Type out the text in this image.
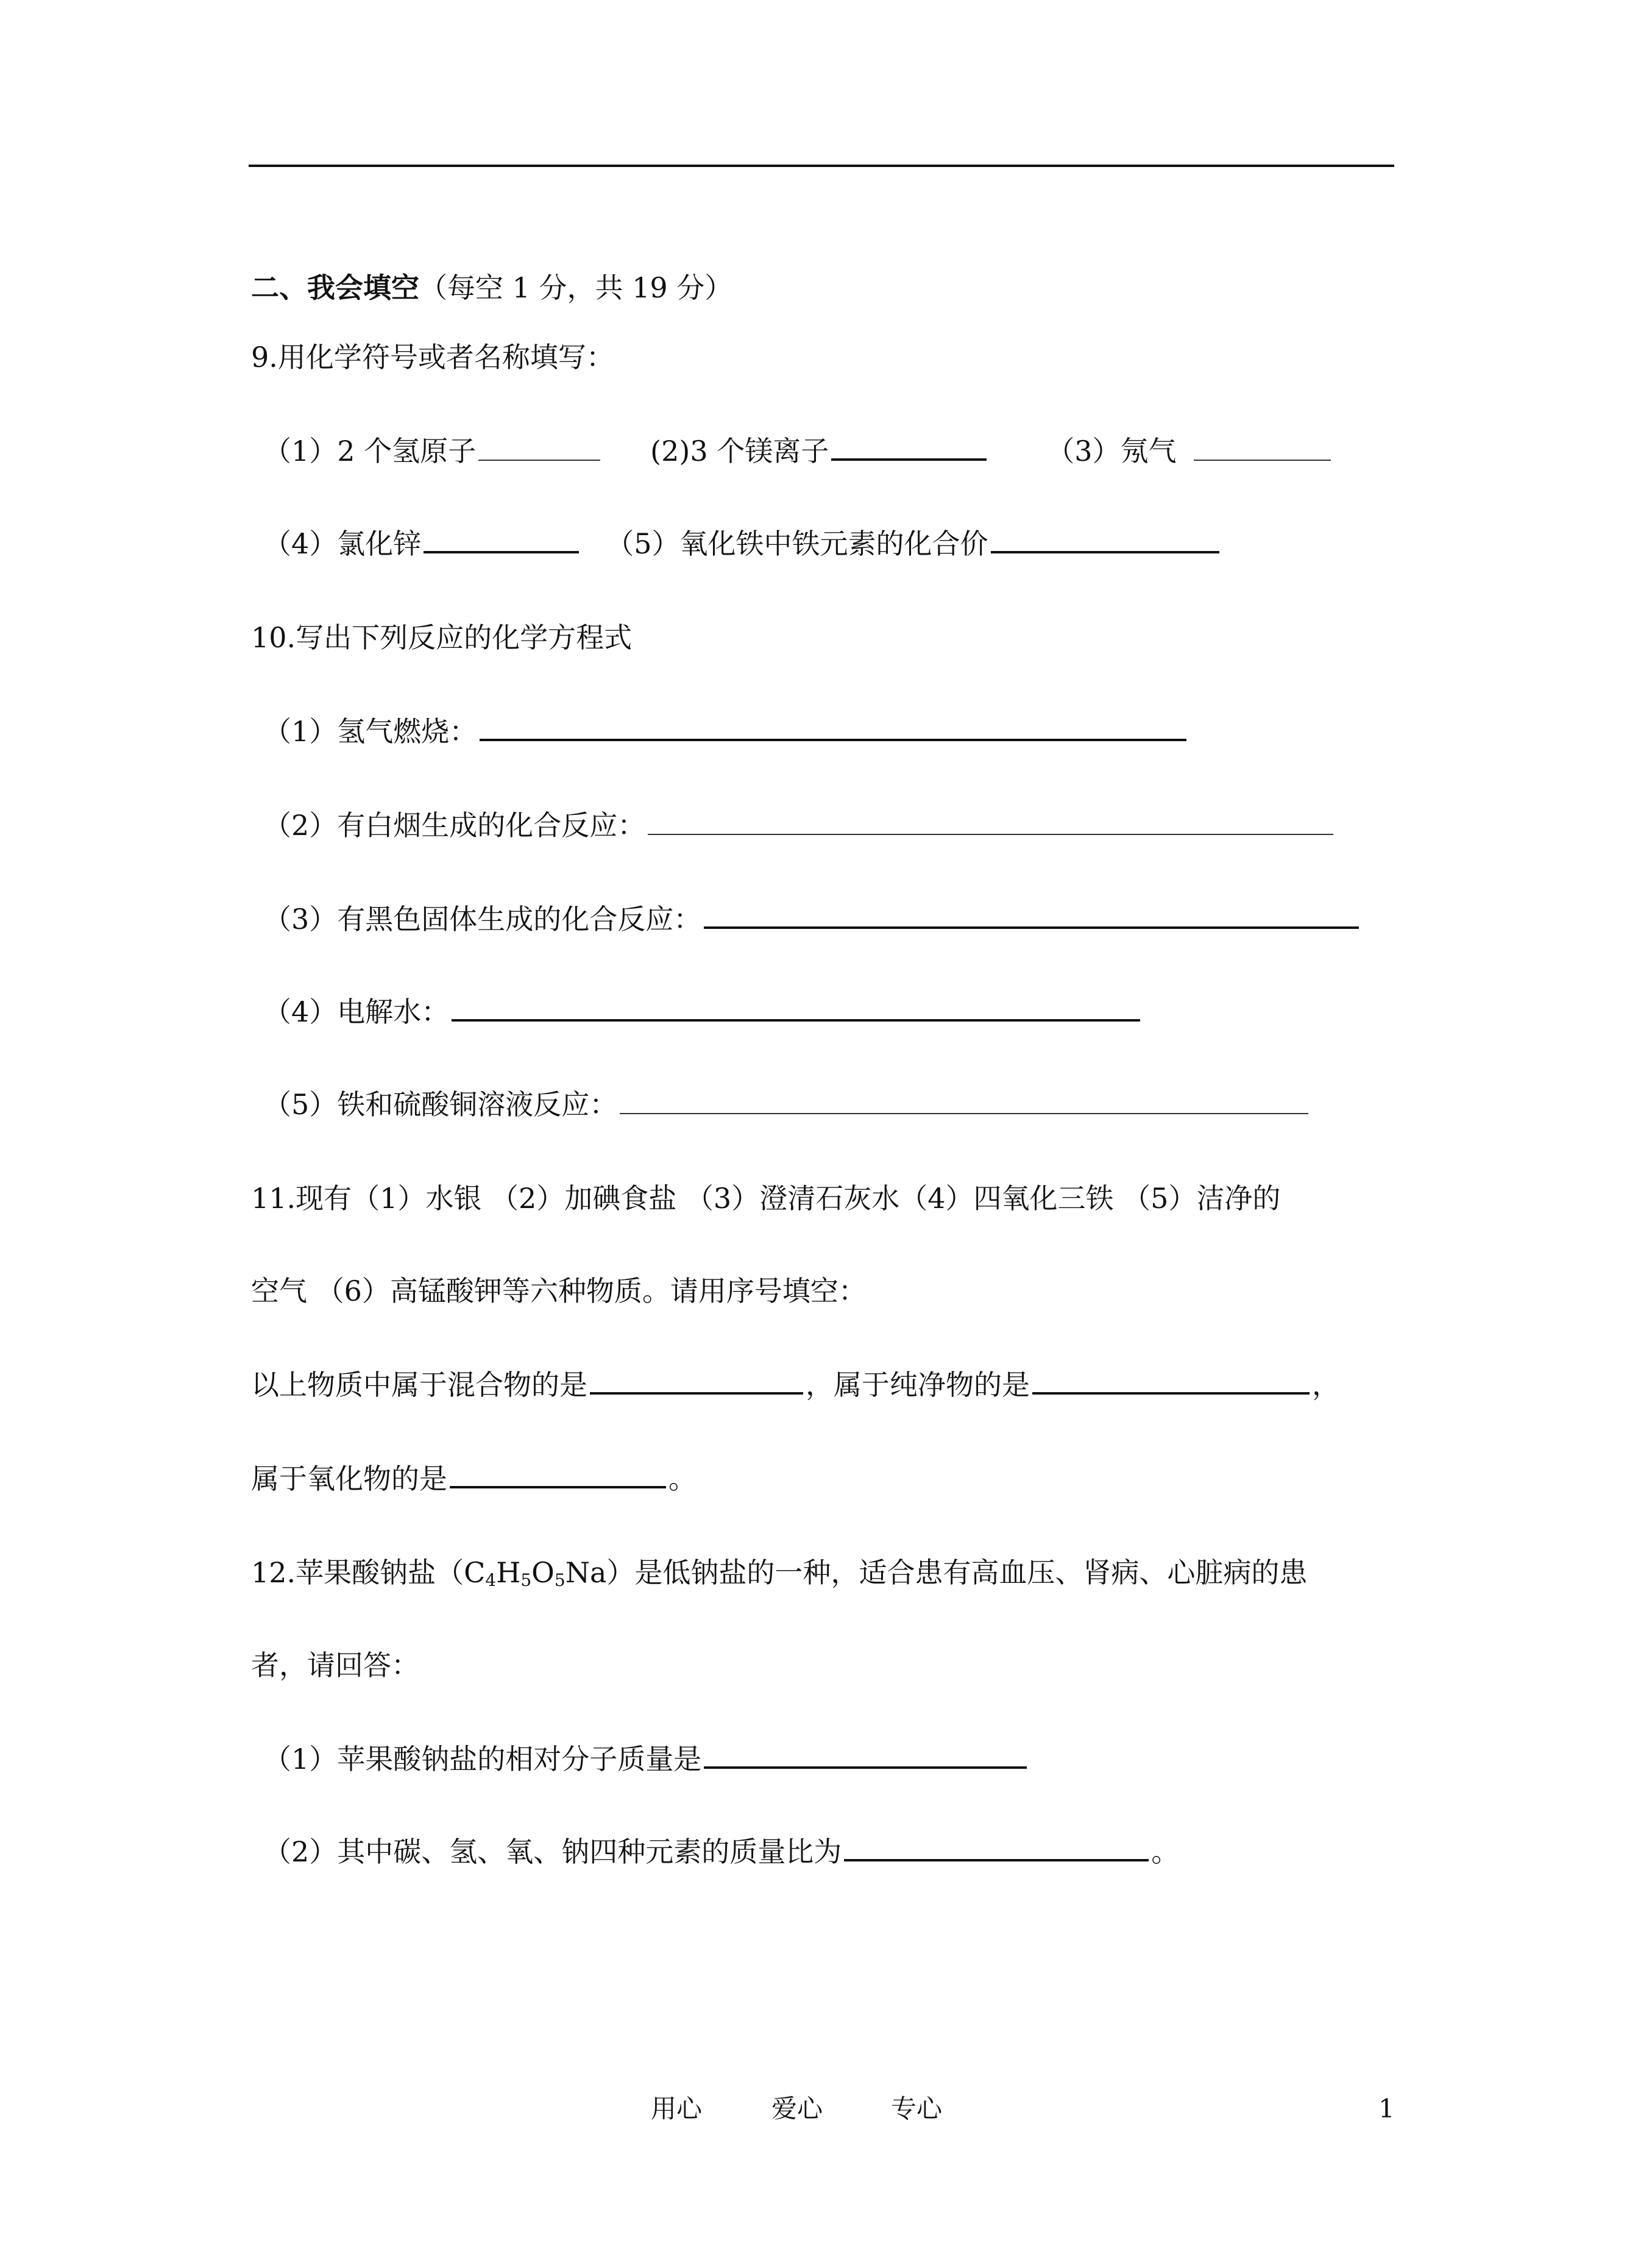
二、我会填空（每空 1 分，共 19 分）
9.用化学符号或者名称填写：
（1）2 个氢原子	(2)3 个镁离子	（3）氖气
（4）氯化锌	（5）氧化铁中铁元素的化合价
10.写出下列反应的化学方程式
（1）氢气燃烧：
（2）有白烟生成的化合反应：
（3）有黑色固体生成的化合反应：
（4）电解水：
（5）铁和硫酸铜溶液反应：
11.现有（1）水银 （2）加碘食盐 （3）澄清石灰水（4）四氧化三铁 （5）洁净的
空气 （6）高锰酸钾等六种物质。请用序号填空：
以上物质中属于混合物的是	，属于纯净物的是	，
属于氧化物的是	。
12.苹果酸钠盐$(C_4H_5O_5Na)$是低钠盐的一种，适合患有高血压、肾病、心脏病的患
者，请回答：
（1）苹果酸钠盐的相对分子质量是
（2）其中碳、氢、氧、钠四种元素的质量比为	。
用心	爱心	专心	1
